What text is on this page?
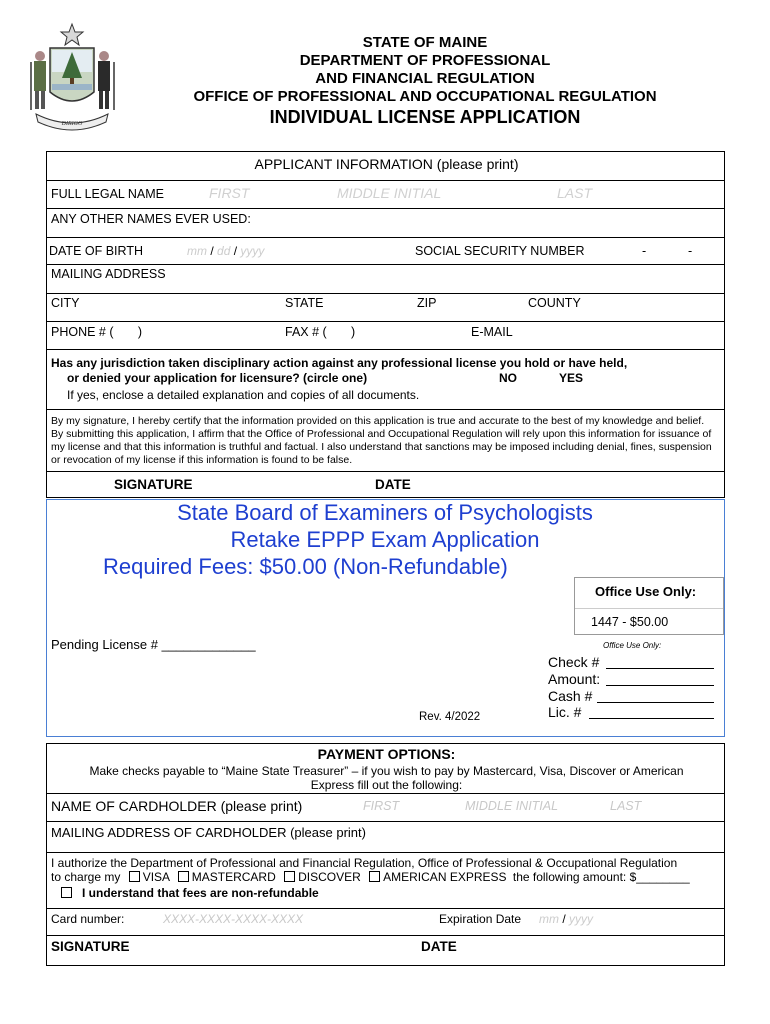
DIRIGO
STATE OF MAINE
DEPARTMENT OF PROFESSIONAL
AND FINANCIAL REGULATION
OFFICE OF PROFESSIONAL AND OCCUPATIONAL REGULATION
INDIVIDUAL LICENSE APPLICATION
APPLICANT INFORMATION (please print)
FULL LEGAL NAME	FIRST	MIDDLE INITIAL	LAST
ANY OTHER NAMES EVER USED:
DATE OF BIRTH	mm / dd / yyyy	SOCIAL SECURITY NUMBER	-	-
MAILING ADDRESS
CITY	STATE	ZIP	COUNTY
PHONE # (       )	FAX # (       )	E-MAIL
Has any jurisdiction taken disciplinary action against any professional license you hold or have held,
or denied your application for licensure? (circle one)	NO	YES
If yes, enclose a detailed explanation and copies of all documents.
By my signature, I hereby certify that the information provided on this application is true and accurate to the best of my knowledge and belief. By submitting this application, I affirm that the Office of Professional and Occupational Regulation will rely upon this information for issuance of my license and that this information is truthful and factual. I also understand that sanctions may be imposed including denial, fines, suspension or revocation of my license if this information is found to be false.
SIGNATURE	DATE
State Board of Examiners of Psychologists
Retake EPPP Exam Application
Required Fees: $50.00 (Non-Refundable)
Office Use Only:
1447 - $50.00
Pending License # _____________	Office Use Only:
Check #
Amount:
Cash #
Lic. #
Rev. 4/2022
PAYMENT OPTIONS:
Make checks payable to “Maine State Treasurer” – if you wish to pay by Mastercard, Visa, Discover or American
Express fill out the following:
NAME OF CARDHOLDER (please print)	FIRST	MIDDLE INITIAL	LAST
MAILING ADDRESS OF CARDHOLDER (please print)
I authorize the Department of Professional and Financial Regulation, Office of Professional & Occupational Regulation
to charge my VISA MASTERCARD DISCOVER AMERICAN EXPRESS the following amount: $________
I understand that fees are non-refundable
Card number:	XXXX-XXXX-XXXX-XXXX	Expiration Date mm / yyyy
SIGNATURE	DATE
